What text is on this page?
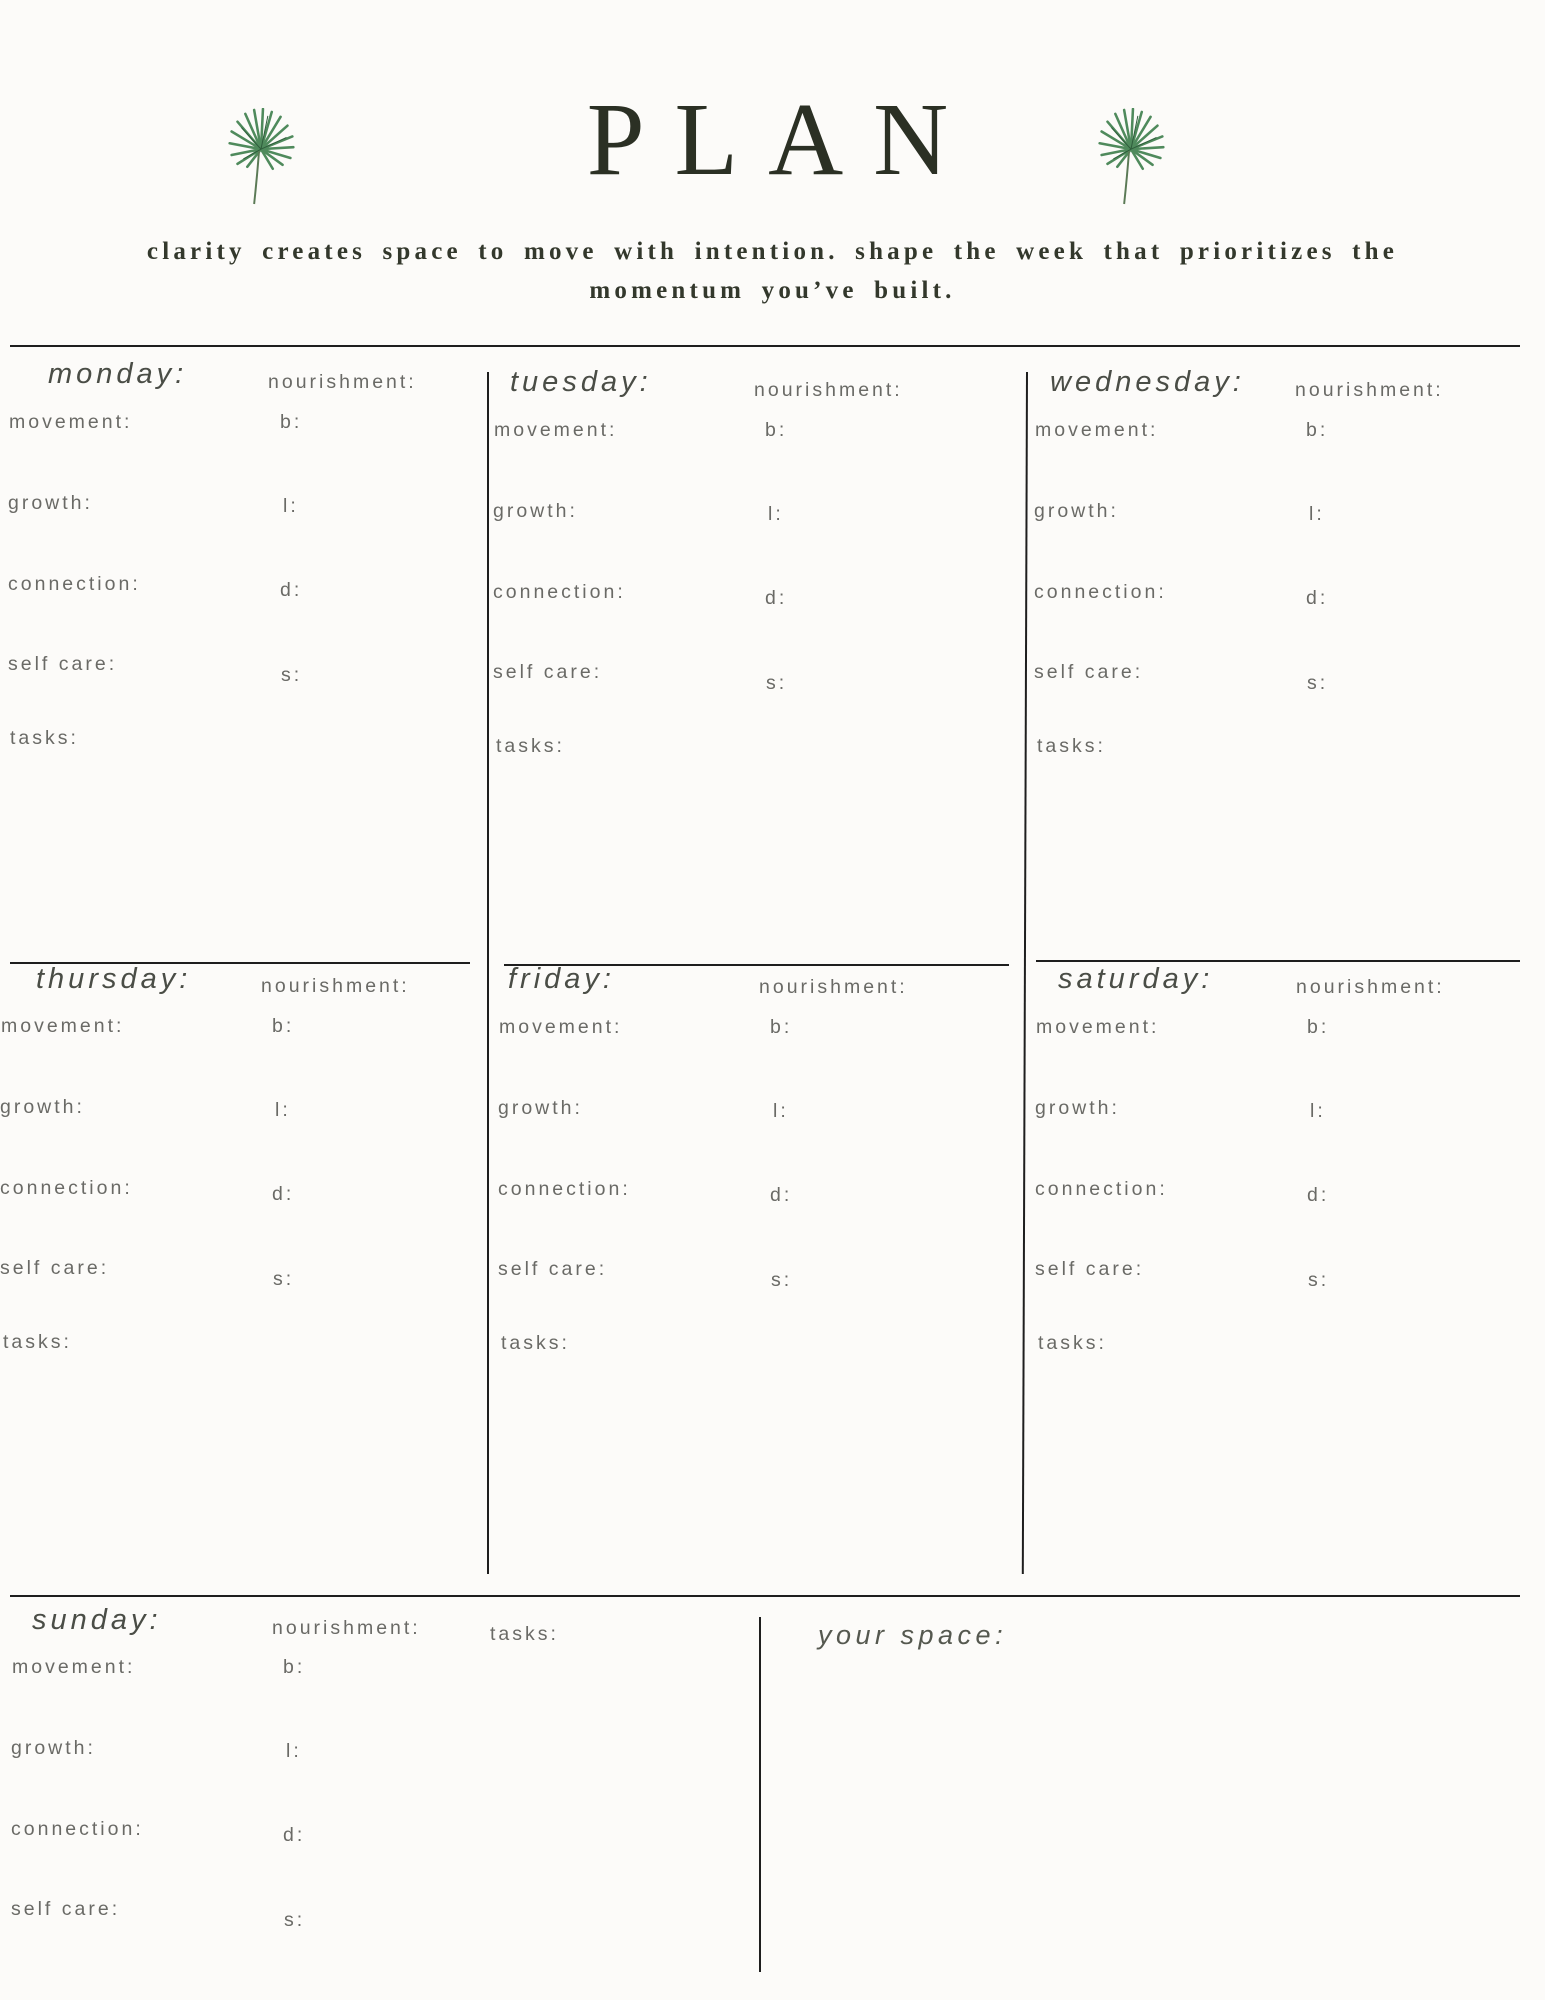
PLAN
clarity creates space to move with intention. shape the week that prioritizes the
momentum you’ve built.
monday:	nourishment:
movement:	b:
growth:	l:
connection:	d:
self care:	s:
tasks:
tuesday:	nourishment:
movement:	b:
growth:	l:
connection:	d:
self care:	s:
tasks:
wednesday:	nourishment:
movement:	b:
growth:	l:
connection:	d:
self care:	s:
tasks:
thursday:	nourishment:
movement:	b:
growth:	l:
connection:	d:
self care:	s:
tasks:
friday:	nourishment:
movement:	b:
growth:	l:
connection:	d:
self care:	s:
tasks:
saturday:	nourishment:
movement:	b:
growth:	l:
connection:	d:
self care:	s:
tasks:
sunday:	nourishment:	tasks:
movement:	b:
growth:	l:
connection:	d:
self care:	s:
your space:
